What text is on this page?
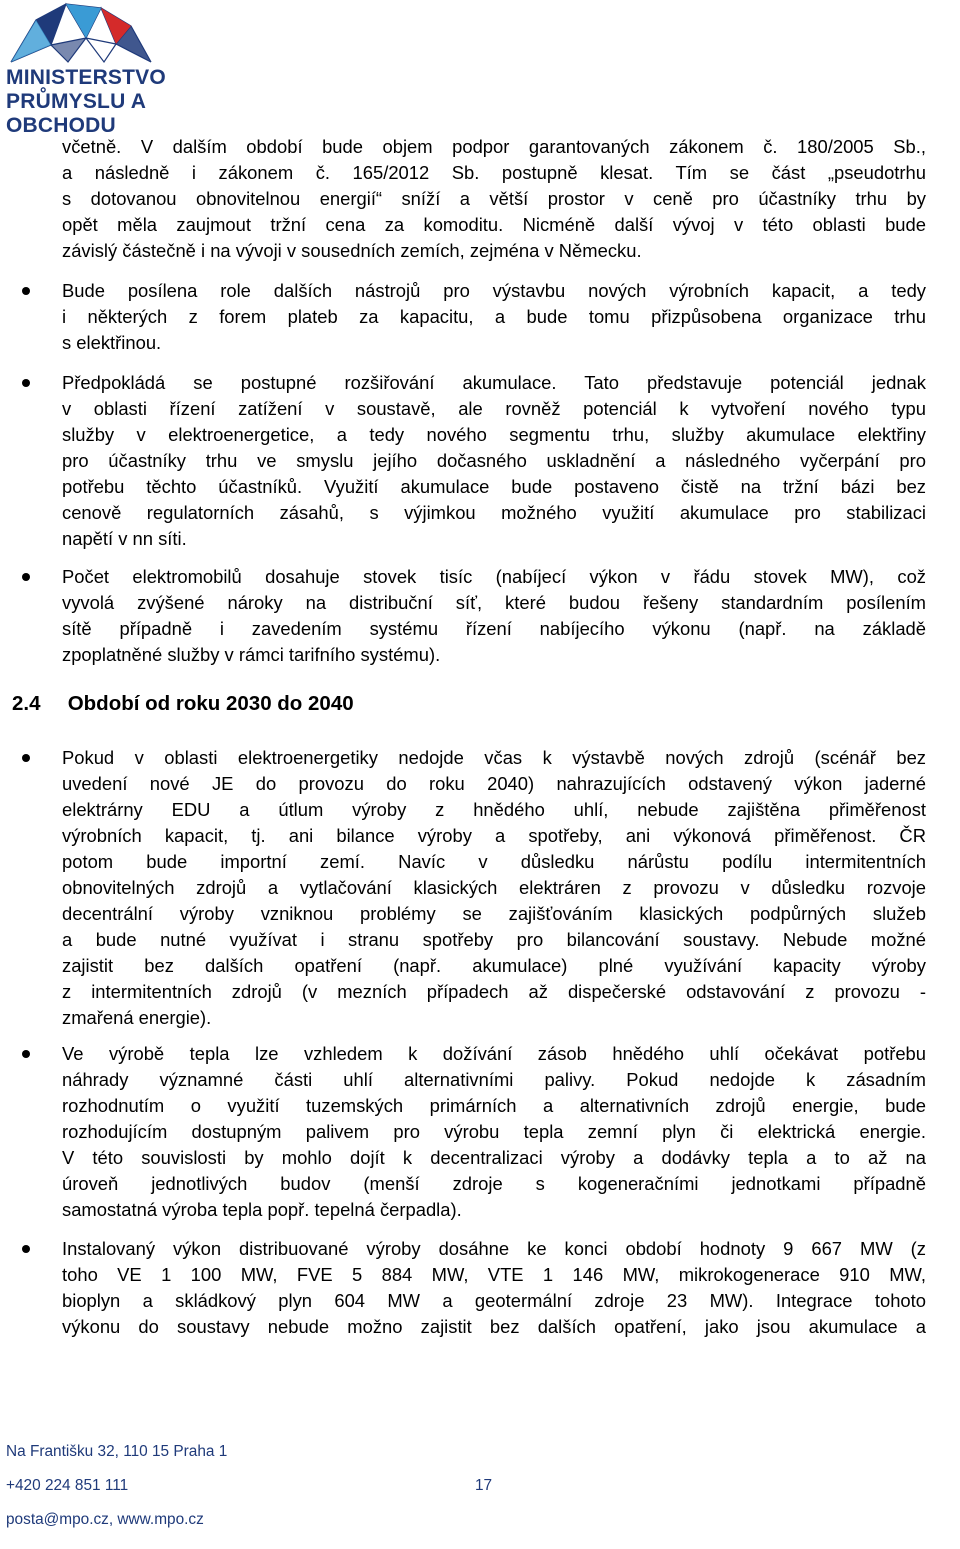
MINISTERSTVO
PRŮMYSLU A OBCHODU
včetně. V dalším období bude objem podpor garantovaných zákonem č. 180/2005 Sb.,
a následně i zákonem č. 165/2012 Sb. postupně klesat. Tím se část „pseudotrhu
s dotovanou obnovitelnou energií“ sníží a větší prostor v ceně pro účastníky trhu by
opět měla zaujmout tržní cena za komoditu. Nicméně další vývoj v této oblasti bude
závislý částečně i na vývoji v sousedních zemích, zejména v Německu.
Bude posílena role dalších nástrojů pro výstavbu nových výrobních kapacit, a tedy
i některých z forem plateb za kapacitu, a bude tomu přizpůsobena organizace trhu
s elektřinou.
Předpokládá se postupné rozšiřování akumulace. Tato představuje potenciál jednak
v oblasti řízení zatížení v soustavě, ale rovněž potenciál k vytvoření nového typu
služby v elektroenergetice, a tedy nového segmentu trhu, služby akumulace elektřiny
pro účastníky trhu ve smyslu jejího dočasného uskladnění a následného vyčerpání pro
potřebu těchto účastníků. Využití akumulace bude postaveno čistě na tržní bázi bez
cenově regulatorních zásahů, s výjimkou možného využití akumulace pro stabilizaci
napětí v nn síti.
Počet elektromobilů dosahuje stovek tisíc (nabíjecí výkon v řádu stovek MW), což
vyvolá zvýšené nároky na distribuční síť, které budou řešeny standardním posílením
sítě případně i zavedením systému řízení nabíjecího výkonu (např. na základě
zpoplatněné služby v rámci tarifního systému).
2.4 Období od roku 2030 do 2040
Pokud v oblasti elektroenergetiky nedojde včas k výstavbě nových zdrojů (scénář bez
uvedení nové JE do provozu do roku 2040) nahrazujících odstavený výkon jaderné
elektrárny EDU a útlum výroby z hnědého uhlí, nebude zajištěna přiměřenost
výrobních kapacit, tj. ani bilance výroby a spotřeby, ani výkonová přiměřenost. ČR
potom bude importní zemí. Navíc v důsledku nárůstu podílu intermitentních
obnovitelných zdrojů a vytlačování klasických elektráren z provozu v důsledku rozvoje
decentrální výroby vzniknou problémy se zajišťováním klasických podpůrných služeb
a bude nutné využívat i stranu spotřeby pro bilancování soustavy. Nebude možné
zajistit bez dalších opatření (např. akumulace) plné využívání kapacity výroby
z intermitentních zdrojů (v mezních případech až dispečerské odstavování z provozu -
zmařená energie).
Ve výrobě tepla lze vzhledem k dožívání zásob hnědého uhlí očekávat potřebu
náhrady významné části uhlí alternativními palivy. Pokud nedojde k zásadním
rozhodnutím o využití tuzemských primárních a alternativních zdrojů energie, bude
rozhodujícím dostupným palivem pro výrobu tepla zemní plyn či elektrická energie.
V této souvislosti by mohlo dojít k decentralizaci výroby a dodávky tepla a to až na
úroveň jednotlivých budov (menší zdroje s kogeneračními jednotkami případně
samostatná výroba tepla popř. tepelná čerpadla).
Instalovaný výkon distribuované výroby dosáhne ke konci období hodnoty 9 667 MW (z
toho VE 1 100 MW, FVE 5 884 MW, VTE 1 146 MW, mikrokogenerace 910 MW,
bioplyn a skládkový plyn 604 MW a geotermální zdroje 23 MW). Integrace tohoto
výkonu do soustavy nebude možno zajistit bez dalších opatření, jako jsou akumulace a
Na Františku 32, 110 15 Praha 1
+420 224 851 111	17
posta@mpo.cz, www.mpo.cz
